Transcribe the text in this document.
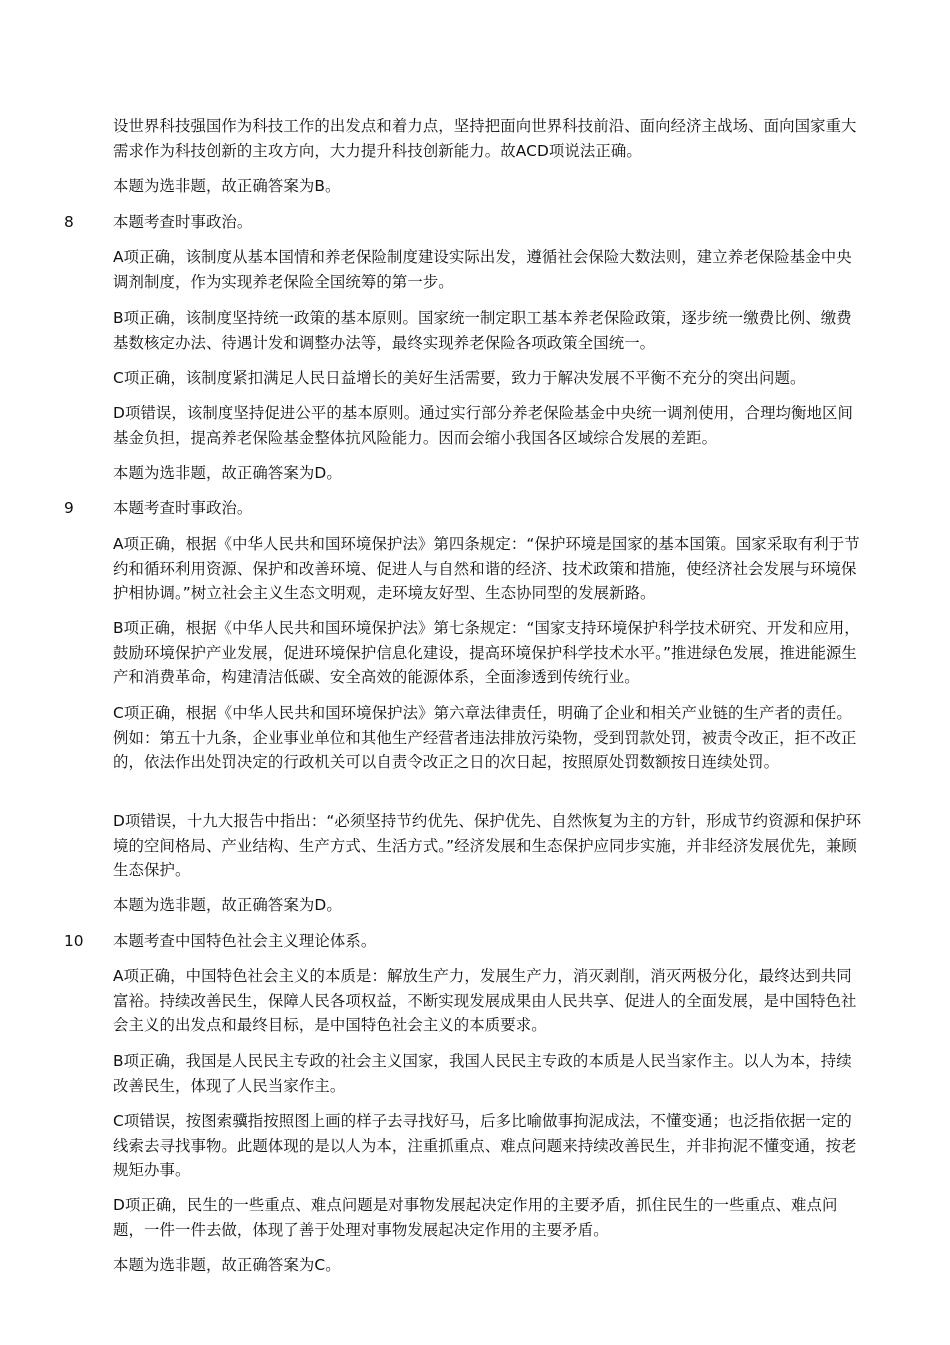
设世界科技强国作为科技工作的出发点和着力点，坚持把面向世界科技前沿、面向经济主战场、面向国家重大需求作为科技创新的主攻方向，大力提升科技创新能力。故ACD项说法正确。

本题为选非题，故正确答案为B。

8	本题考查时事政治。

A项正确，该制度从基本国情和养老保险制度建设实际出发，遵循社会保险大数法则，建立养老保险基金中央调剂制度，作为实现养老保险全国统筹的第一步。

B项正确，该制度坚持统一政策的基本原则。国家统一制定职工基本养老保险政策，逐步统一缴费比例、缴费基数核定办法、待遇计发和调整办法等，最终实现养老保险各项政策全国统一。

C项正确，该制度紧扣满足人民日益增长的美好生活需要，致力于解决发展不平衡不充分的突出问题。

D项错误，该制度坚持促进公平的基本原则。通过实行部分养老保险基金中央统一调剂使用，合理均衡地区间基金负担，提高养老保险基金整体抗风险能力。因而会缩小我国各区域综合发展的差距。

本题为选非题，故正确答案为D。

9	本题考查时事政治。

A项正确，根据《中华人民共和国环境保护法》第四条规定：“保护环境是国家的基本国策。国家采取有利于节约和循环利用资源、保护和改善环境、促进人与自然和谐的经济、技术政策和措施，使经济社会发展与环境保护相协调。”树立社会主义生态文明观，走环境友好型、生态协同型的发展新路。

B项正确，根据《中华人民共和国环境保护法》第七条规定：“国家支持环境保护科学技术研究、开发和应用，鼓励环境保护产业发展，促进环境保护信息化建设，提高环境保护科学技术水平。”推进绿色发展，推进能源生产和消费革命，构建清洁低碳、安全高效的能源体系，全面渗透到传统行业。

C项正确，根据《中华人民共和国环境保护法》第六章法律责任，明确了企业和相关产业链的生产者的责任。例如：第五十九条，企业事业单位和其他生产经营者违法排放污染物，受到罚款处罚，被责令改正，拒不改正的，依法作出处罚决定的行政机关可以自责令改正之日的次日起，按照原处罚数额按日连续处罚。

D项错误，十九大报告中指出：“必须坚持节约优先、保护优先、自然恢复为主的方针，形成节约资源和保护环境的空间格局、产业结构、生产方式、生活方式。”经济发展和生态保护应同步实施，并非经济发展优先，兼顾生态保护。

本题为选非题，故正确答案为D。

10 本题考查中国特色社会主义理论体系。

A项正确，中国特色社会主义的本质是：解放生产力，发展生产力，消灭剥削，消灭两极分化，最终达到共同富裕。持续改善民生，保障人民各项权益，不断实现发展成果由人民共享、促进人的全面发展，是中国特色社会主义的出发点和最终目标，是中国特色社会主义的本质要求。

B项正确，我国是人民民主专政的社会主义国家，我国人民民主专政的本质是人民当家作主。以人为本，持续改善民生，体现了人民当家作主。

C项错误，按图索骥指按照图上画的样子去寻找好马，后多比喻做事拘泥成法，不懂变通；也泛指依据一定的线索去寻找事物。此题体现的是以人为本，注重抓重点、难点问题来持续改善民生，并非拘泥不懂变通，按老规矩办事。

D项正确，民生的一些重点、难点问题是对事物发展起决定作用的主要矛盾，抓住民生的一些重点、难点问题，一件一件去做，体现了善于处理对事物发展起决定作用的主要矛盾。

本题为选非题，故正确答案为C。
